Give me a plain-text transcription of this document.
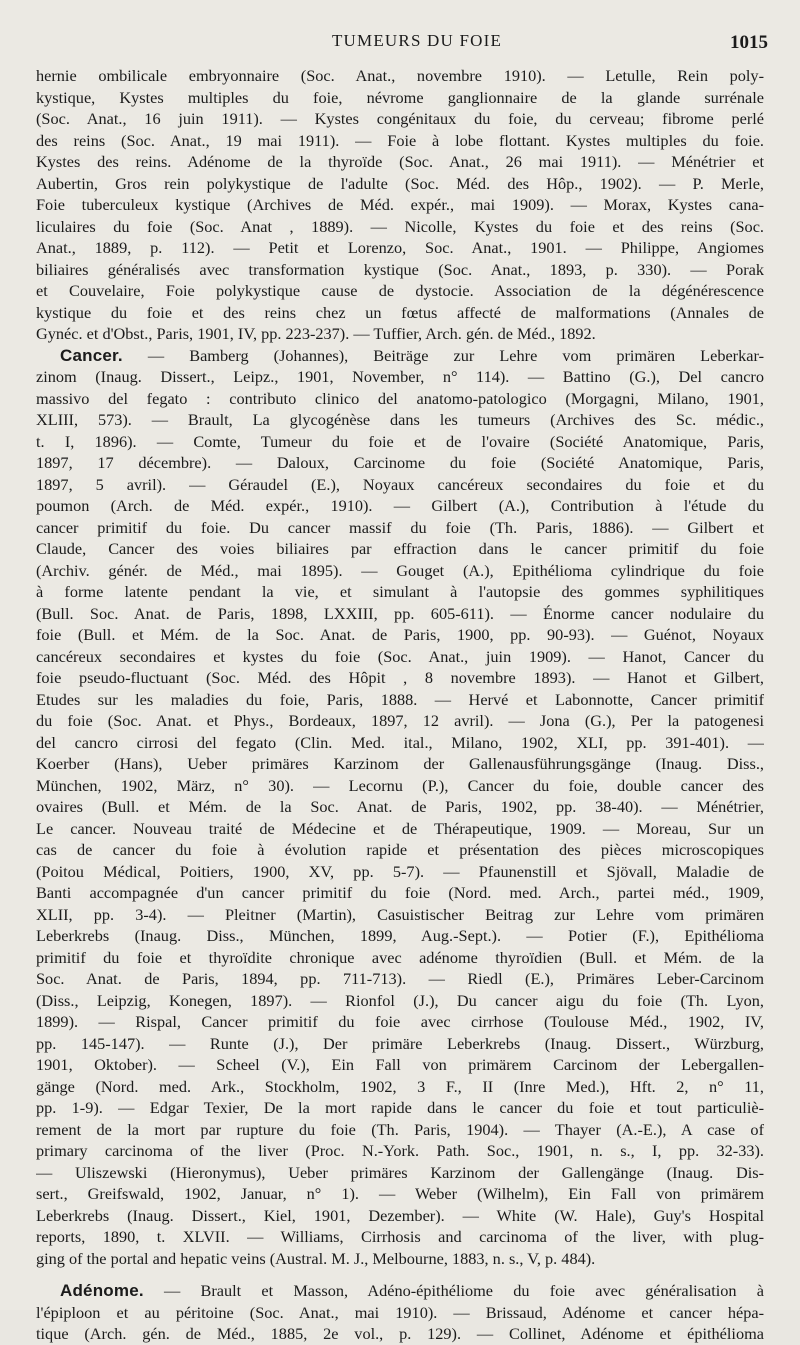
TUMEURS DU FOIE	1015
hernie ombilicale embryonnaire (Soc. Anat., novembre 1910). — Letulle, Rein poly-
kystique, Kystes multiples du foie, névrome ganglionnaire de la glande surrénale
(Soc. Anat., 16 juin 1911). — Kystes congénitaux du foie, du cerveau; fibrome perlé
des reins (Soc. Anat., 19 mai 1911). — Foie à lobe flottant. Kystes multiples du foie.
Kystes des reins. Adénome de la thyroïde (Soc. Anat., 26 mai 1911). — Ménétrier et
Aubertin, Gros rein polykystique de l'adulte (Soc. Méd. des Hôp., 1902). — P. Merle,
Foie tuberculeux kystique (Archives de Méd. expér., mai 1909). — Morax, Kystes cana-
liculaires du foie (Soc. Anat , 1889). — Nicolle, Kystes du foie et des reins (Soc.
Anat., 1889, p. 112). — Petit et Lorenzo, Soc. Anat., 1901. — Philippe, Angiomes
biliaires généralisés avec transformation kystique (Soc. Anat., 1893, p. 330). — Porak
et Couvelaire, Foie polykystique cause de dystocie. Association de la dégénérescence
kystique du foie et des reins chez un fœtus affecté de malformations (Annales de
Gynéc. et d'Obst., Paris, 1901, IV, pp. 223-237). — Tuffier, Arch. gén. de Méd., 1892.
Cancer. — Bamberg (Johannes), Beiträge zur Lehre vom primären Leberkar-
zinom (Inaug. Dissert., Leipz., 1901, November, n° 114). — Battino (G.), Del cancro
massivo del fegato : contributo clinico del anatomo-patologico (Morgagni, Milano, 1901,
XLIII, 573). — Brault, La glycogénèse dans les tumeurs (Archives des Sc. médic.,
t. I, 1896). — Comte, Tumeur du foie et de l'ovaire (Société Anatomique, Paris,
1897, 17 décembre). — Daloux, Carcinome du foie (Société Anatomique, Paris,
1897, 5 avril). — Géraudel (E.), Noyaux cancéreux secondaires du foie et du
poumon (Arch. de Méd. expér., 1910). — Gilbert (A.), Contribution à l'étude du
cancer primitif du foie. Du cancer massif du foie (Th. Paris, 1886). — Gilbert et
Claude, Cancer des voies biliaires par effraction dans le cancer primitif du foie
(Archiv. génér. de Méd., mai 1895). — Gouget (A.), Epithélioma cylindrique du foie
à forme latente pendant la vie, et simulant à l'autopsie des gommes syphilitiques
(Bull. Soc. Anat. de Paris, 1898, LXXIII, pp. 605-611). — Énorme cancer nodulaire du
foie (Bull. et Mém. de la Soc. Anat. de Paris, 1900, pp. 90-93). — Guénot, Noyaux
cancéreux secondaires et kystes du foie (Soc. Anat., juin 1909). — Hanot, Cancer du
foie pseudo-fluctuant (Soc. Méd. des Hôpit , 8 novembre 1893). — Hanot et Gilbert,
Etudes sur les maladies du foie, Paris, 1888. — Hervé et Labonnotte, Cancer primitif
du foie (Soc. Anat. et Phys., Bordeaux, 1897, 12 avril). — Jona (G.), Per la patogenesi
del cancro cirrosi del fegato (Clin. Med. ital., Milano, 1902, XLI, pp. 391-401). —
Koerber (Hans), Ueber primäres Karzinom der Gallenausführungsgänge (Inaug. Diss.,
München, 1902, März, n° 30). — Lecornu (P.), Cancer du foie, double cancer des
ovaires (Bull. et Mém. de la Soc. Anat. de Paris, 1902, pp. 38-40). — Ménétrier,
Le cancer. Nouveau traité de Médecine et de Thérapeutique, 1909. — Moreau, Sur un
cas de cancer du foie à évolution rapide et présentation des pièces microscopiques
(Poitou Médical, Poitiers, 1900, XV, pp. 5-7). — Pfaunenstill et Sjövall, Maladie de
Banti accompagnée d'un cancer primitif du foie (Nord. med. Arch., partei méd., 1909,
XLII, pp. 3-4). — Pleitner (Martin), Casuistischer Beitrag zur Lehre vom primären
Leberkrebs (Inaug. Diss., München, 1899, Aug.-Sept.). — Potier (F.), Epithélioma
primitif du foie et thyroïdite chronique avec adénome thyroïdien (Bull. et Mém. de la
Soc. Anat. de Paris, 1894, pp. 711-713). — Riedl (E.), Primäres Leber-Carcinom
(Diss., Leipzig, Konegen, 1897). — Rionfol (J.), Du cancer aigu du foie (Th. Lyon,
1899). — Rispal, Cancer primitif du foie avec cirrhose (Toulouse Méd., 1902, IV,
pp. 145-147). — Runte (J.), Der primäre Leberkrebs (Inaug. Dissert., Würzburg,
1901, Oktober). — Scheel (V.), Ein Fall von primärem Carcinom der Lebergallen-
gänge (Nord. med. Ark., Stockholm, 1902, 3 F., II (Inre Med.), Hft. 2, n° 11,
pp. 1-9). — Edgar Texier, De la mort rapide dans le cancer du foie et tout particuliè-
rement de la mort par rupture du foie (Th. Paris, 1904). — Thayer (A.-E.), A case of
primary carcinoma of the liver (Proc. N.-York. Path. Soc., 1901, n. s., I, pp. 32-33).
— Uliszewski (Hieronymus), Ueber primäres Karzinom der Gallengänge (Inaug. Dis-
sert., Greifswald, 1902, Januar, n° 1). — Weber (Wilhelm), Ein Fall von primärem
Leberkrebs (Inaug. Dissert., Kiel, 1901, Dezember). — White (W. Hale), Guy's Hospital
reports, 1890, t. XLVII. — Williams, Cirrhosis and carcinoma of the liver, with plug-
ging of the portal and hepatic veins (Austral. M. J., Melbourne, 1883, n. s., V, p. 484).
Adénome. — Brault et Masson, Adéno-épithéliome du foie avec généralisation à
l'épiploon et au péritoine (Soc. Anat., mai 1910). — Brissaud, Adénome et cancer hépa-
tique (Arch. gén. de Méd., 1885, 2e vol., p. 129). — Collinet, Adénome et épithélioma
